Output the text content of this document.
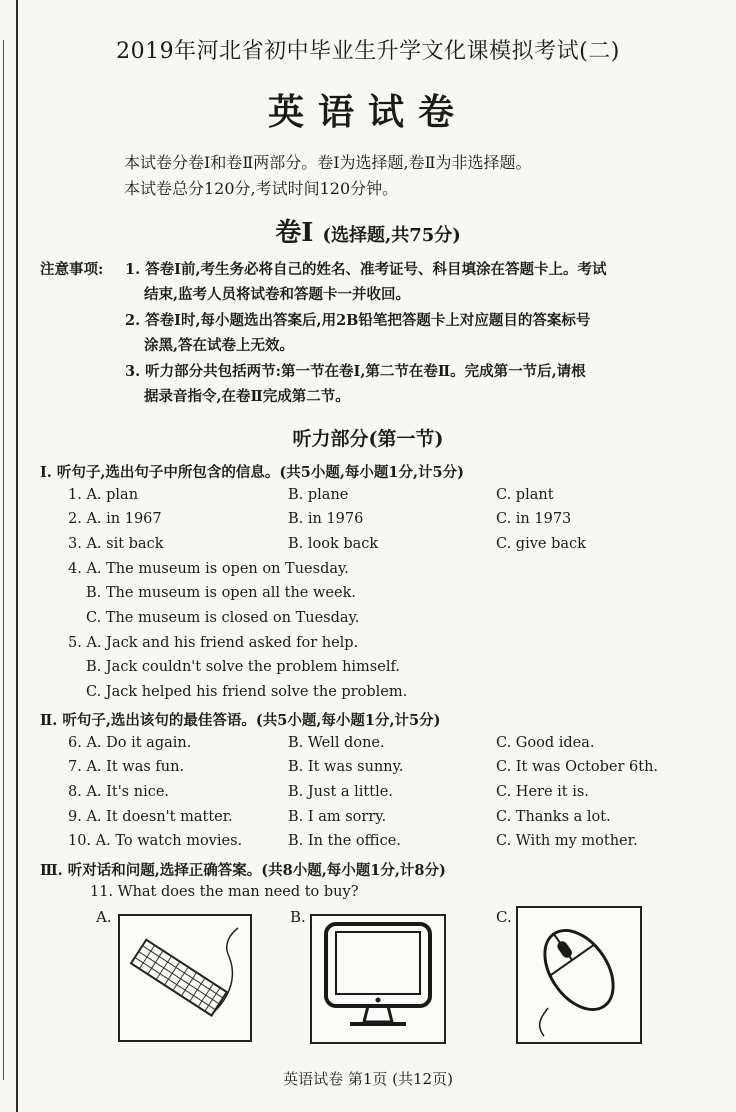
2019年河北省初中毕业生升学文化课模拟考试(二)
英语试卷
本试卷分卷Ⅰ和卷Ⅱ两部分。卷Ⅰ为选择题,卷Ⅱ为非选择题。
本试卷总分120分,考试时间120分钟。
卷Ⅰ (选择题,共75分)
注意事项: 1. 答卷Ⅰ前,考生务必将自己的姓名、准考证号、科目填涂在答题卡上。考试
结束,监考人员将试卷和答题卡一并收回。
2. 答卷Ⅰ时,每小题选出答案后,用2B铅笔把答题卡上对应题目的答案标号
涂黑,答在试卷上无效。
3. 听力部分共包括两节:第一节在卷Ⅰ,第二节在卷Ⅱ。完成第一节后,请根
据录音指令,在卷Ⅱ完成第二节。
听力部分(第一节)
Ⅰ. 听句子,选出句子中所包含的信息。(共5小题,每小题1分,计5分)
1. A. plan	B. plane	C. plant
2. A. in 1967	B. in 1976	C. in 1973
3. A. sit back	B. look back	C. give back
4. A. The museum is open on Tuesday.
B. The museum is open all the week.
C. The museum is closed on Tuesday.
5. A. Jack and his friend asked for help.
B. Jack couldn't solve the problem himself.
C. Jack helped his friend solve the problem.
Ⅱ. 听句子,选出该句的最佳答语。(共5小题,每小题1分,计5分)
6. A. Do it again.	B. Well done.	C. Good idea.
7. A. It was fun.	B. It was sunny.	C. It was October 6th.
8. A. It's nice.	B. Just a little.	C. Here it is.
9. A. It doesn't matter.	B. I am sorry.	C. Thanks a lot.
10. A. To watch movies.	B. In the office.	C. With my mother.
Ⅲ. 听对话和问题,选择正确答案。(共8小题,每小题1分,计8分)
11. What does the man need to buy?
A.	B.	C.
英语试卷 第1页 (共12页)
